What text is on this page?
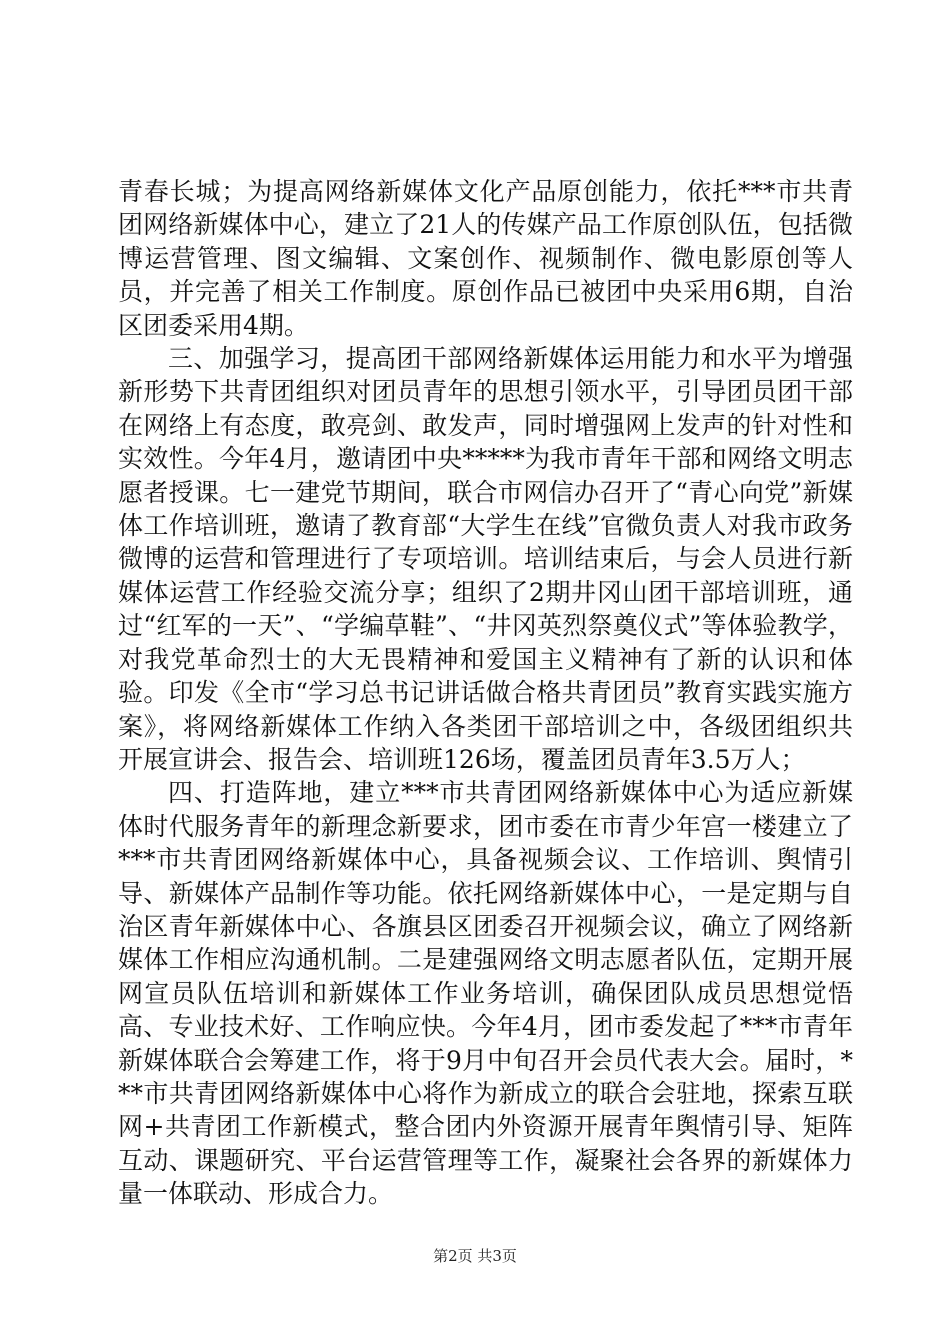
青春长城；为提高网络新媒体文化产品原创能力，依托***市共青团网络新媒体中心，建立了21人的传媒产品工作原创队伍，包括微博运营管理、图文编辑、文案创作、视频制作、微电影原创等人员，并完善了相关工作制度。原创作品已被团中央采用6期，自治区团委采用4期。

三、加强学习，提高团干部网络新媒体运用能力和水平为增强新形势下共青团组织对团员青年的思想引领水平，引导团员团干部在网络上有态度，敢亮剑、敢发声，同时增强网上发声的针对性和实效性。今年4月，邀请团中央*****为我市青年干部和网络文明志愿者授课。七一建党节期间，联合市网信办召开了“青心向党”新媒体工作培训班，邀请了教育部“大学生在线”官微负责人对我市政务微博的运营和管理进行了专项培训。培训结束后，与会人员进行新媒体运营工作经验交流分享；组织了2期井冈山团干部培训班，通过“红军的一天”、“学编草鞋”、“井冈英烈祭奠仪式”等体验教学，对我党革命烈士的大无畏精神和爱国主义精神有了新的认识和体验。印发《全市“学习总书记讲话做合格共青团员”教育实践实施方案》，将网络新媒体工作纳入各类团干部培训之中，各级团组织共开展宣讲会、报告会、培训班126场，覆盖团员青年3.5万人；

四、打造阵地，建立***市共青团网络新媒体中心为适应新媒体时代服务青年的新理念新要求，团市委在市青少年宫一楼建立了***市共青团网络新媒体中心，具备视频会议、工作培训、舆情引导、新媒体产品制作等功能。依托网络新媒体中心，一是定期与自治区青年新媒体中心、各旗县区团委召开视频会议，确立了网络新媒体工作相应沟通机制。二是建强网络文明志愿者队伍，定期开展网宣员队伍培训和新媒体工作业务培训，确保团队成员思想觉悟高、专业技术好、工作响应快。今年4月，团市委发起了***市青年新媒体联合会筹建工作，将于9月中旬召开会员代表大会。届时，***市共青团网络新媒体中心将作为新成立的联合会驻地，探索互联网+共青团工作新模式，整合团内外资源开展青年舆情引导、矩阵互动、课题研究、平台运营管理等工作，凝聚社会各界的新媒体力量一体联动、形成合力。

第2页 共3页
